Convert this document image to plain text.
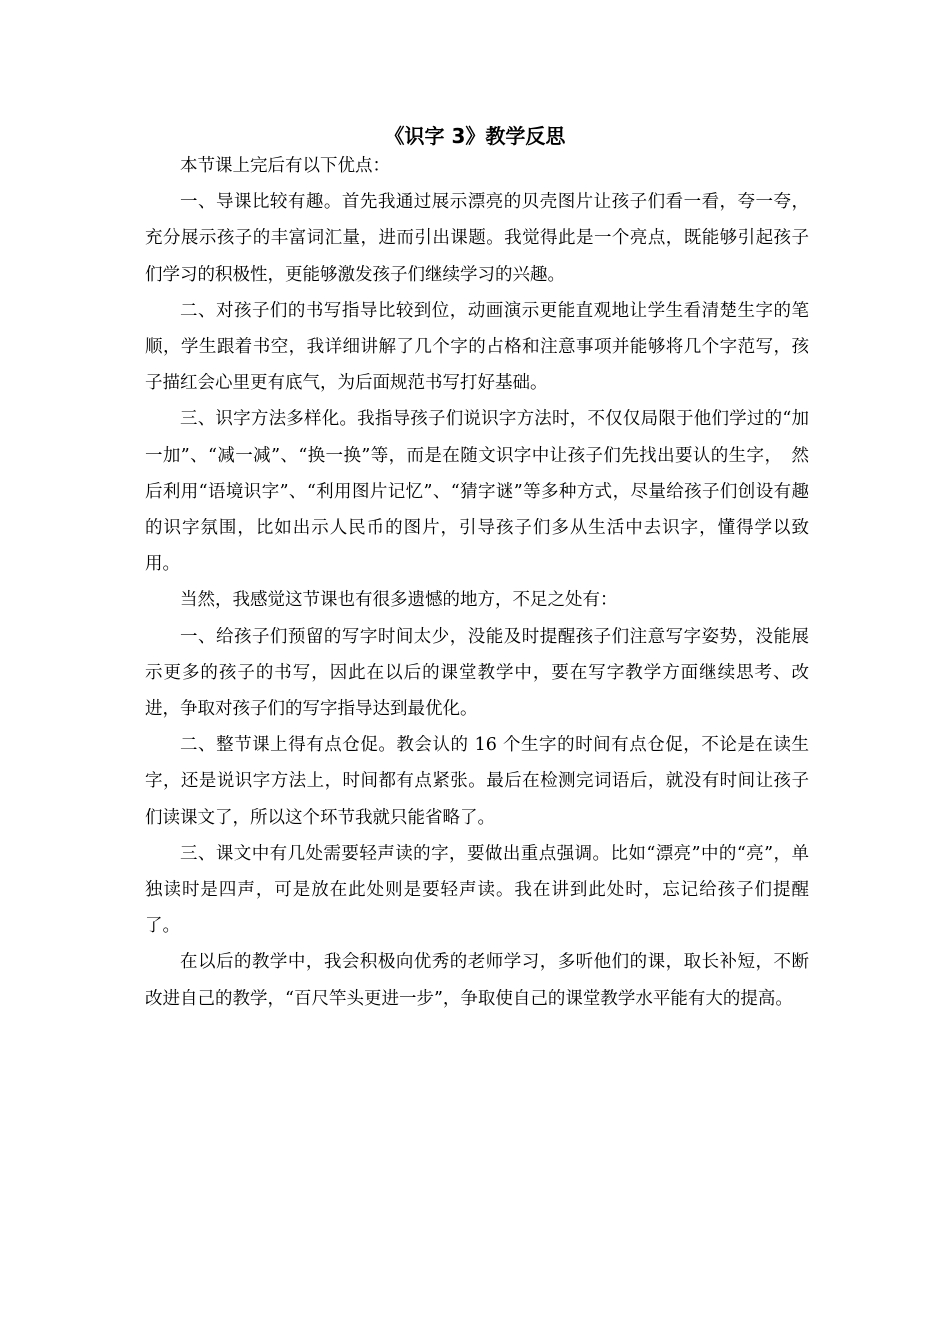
《识字 3》教学反思

本节课上完后有以下优点：

一、导课比较有趣。首先我通过展示漂亮的贝壳图片让孩子们看一看，夸一夸，充分展示孩子的丰富词汇量，进而引出课题。我觉得此是一个亮点，既能够引起孩子们学习的积极性，更能够激发孩子们继续学习的兴趣。

二、对孩子们的书写指导比较到位，动画演示更能直观地让学生看清楚生字的笔顺，学生跟着书空，我详细讲解了几个字的占格和注意事项并能够将几个字范写，孩子描红会心里更有底气，为后面规范书写打好基础。

三、识字方法多样化。我指导孩子们说识字方法时，不仅仅局限于他们学过的“加一加”、“减一减”、“换一换”等，而是在随文识字中让孩子们先找出要认的生字，　然后利用“语境识字”、“利用图片记忆”、“猜字谜”等多种方式，尽量给孩子们创设有趣的识字氛围，比如出示人民币的图片，引导孩子们多从生活中去识字，懂得学以致用。

当然，我感觉这节课也有很多遗憾的地方，不足之处有：

一、给孩子们预留的写字时间太少，没能及时提醒孩子们注意写字姿势，没能展示更多的孩子的书写，因此在以后的课堂教学中，要在写字教学方面继续思考、改进，争取对孩子们的写字指导达到最优化。

二、整节课上得有点仓促。教会认的 16 个生字的时间有点仓促，不论是在读生字，还是说识字方法上，时间都有点紧张。最后在检测完词语后，就没有时间让孩子们读课文了，所以这个环节我就只能省略了。

三、课文中有几处需要轻声读的字，要做出重点强调。比如“漂亮”中的“亮”，单独读时是四声，可是放在此处则是要轻声读。我在讲到此处时，忘记给孩子们提醒了。

在以后的教学中，我会积极向优秀的老师学习，多听他们的课，取长补短，不断改进自己的教学，“百尺竿头更进一步”，争取使自己的课堂教学水平能有大的提高。
